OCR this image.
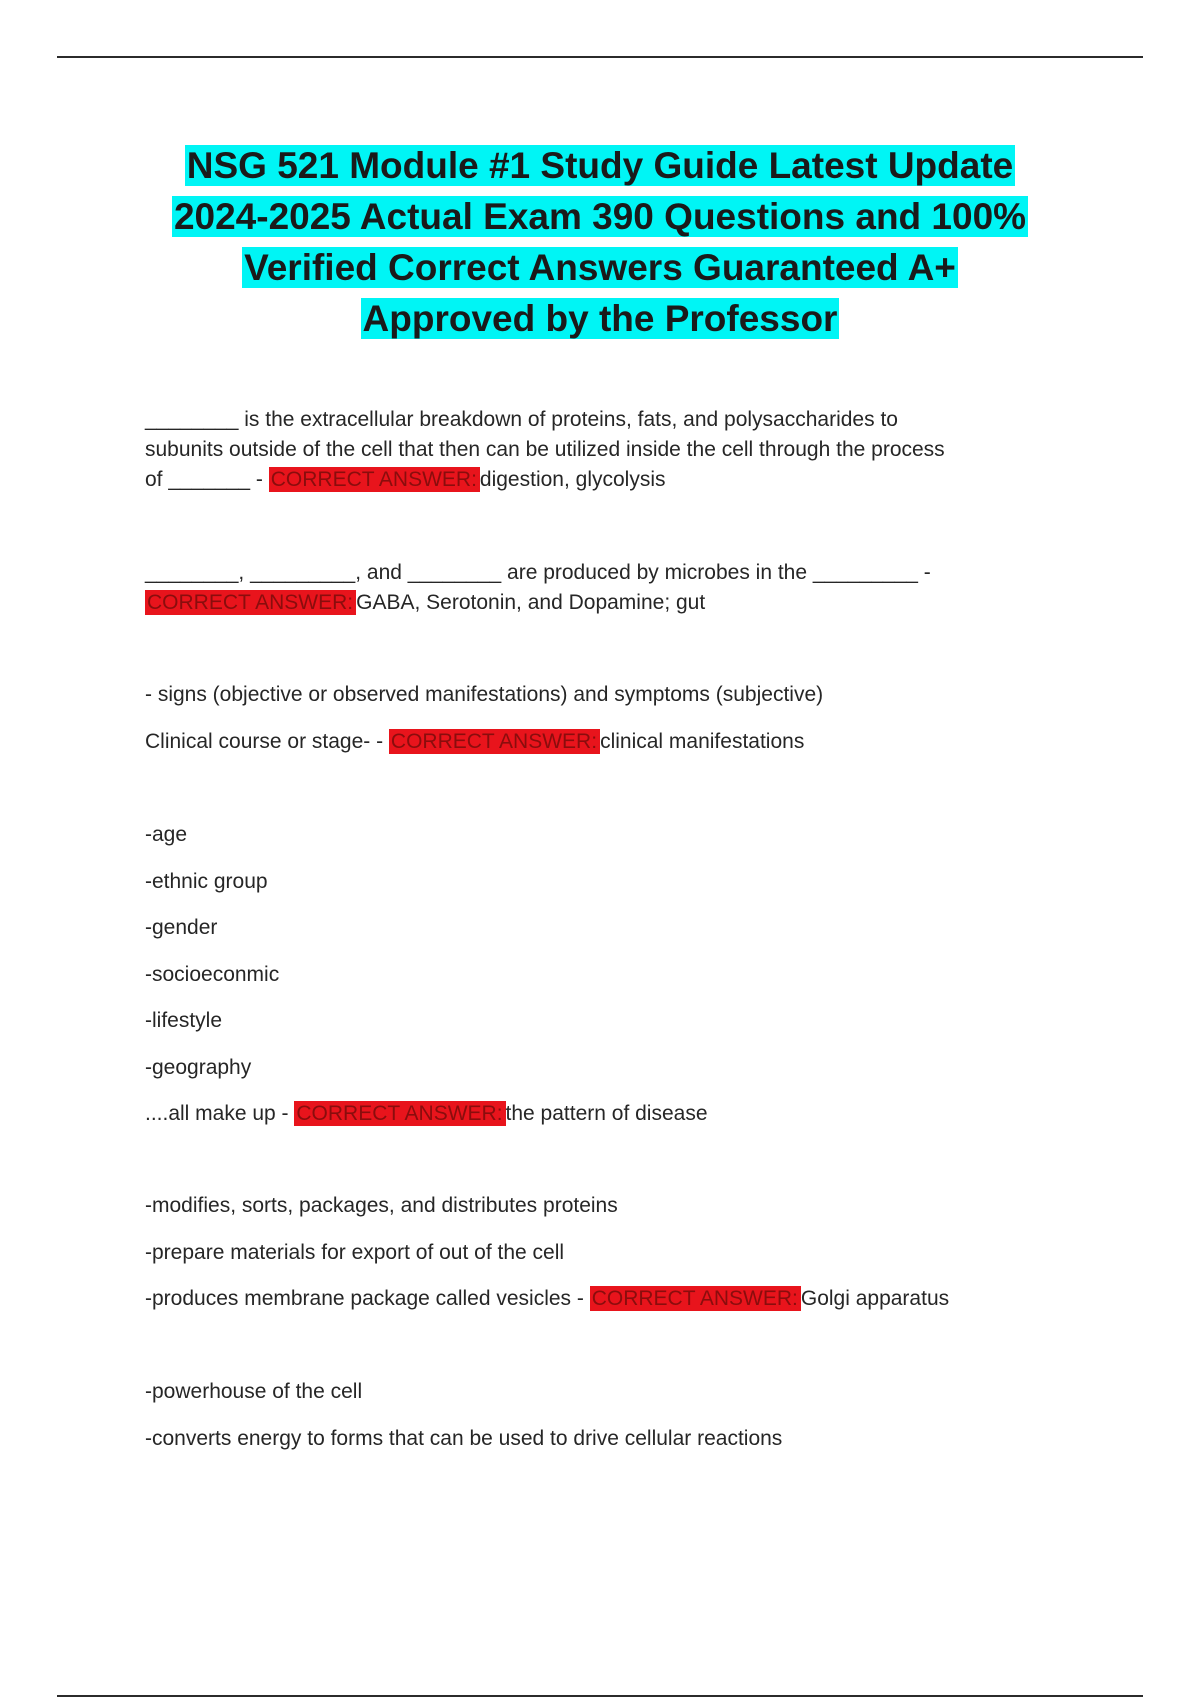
NSG 521 Module #1 Study Guide Latest Update
2024-2025 Actual Exam 390 Questions and 100%
Verified Correct Answers Guaranteed A+
Approved by the Professor
________ is the extracellular breakdown of proteins, fats, and polysaccharides to
subunits outside of the cell that then can be utilized inside the cell through the process
of _______ - CORRECT ANSWER: digestion, glycolysis
________, _________, and ________ are produced by microbes in the _________ -
CORRECT ANSWER: GABA, Serotonin, and Dopamine; gut
- signs (objective or observed manifestations) and symptoms (subjective)
Clinical course or stage- - CORRECT ANSWER: clinical manifestations
-age
-ethnic group
-gender
-socioeconmic
-lifestyle
-geography
....all make up - CORRECT ANSWER: the pattern of disease
-modifies, sorts, packages, and distributes proteins
-prepare materials for export of out of the cell
-produces membrane package called vesicles - CORRECT ANSWER: Golgi apparatus
-powerhouse of the cell
-converts energy to forms that can be used to drive cellular reactions
